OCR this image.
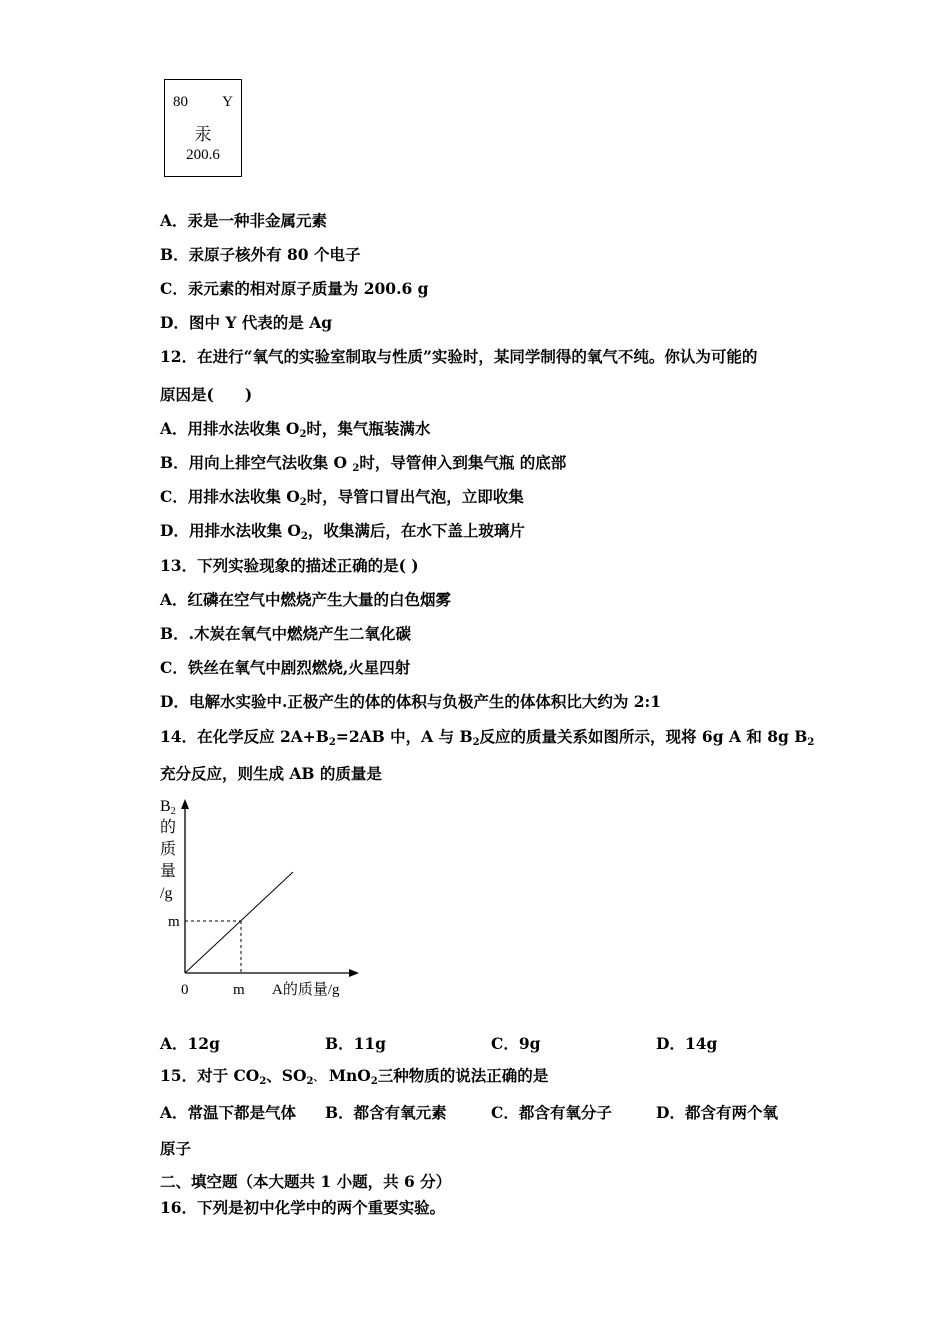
80 Y
汞
200.6
A．汞是一种非金属元素
B．汞原子核外有 80 个电子
C．汞元素的相对原子质量为 200.6 g
D．图中 Y 代表的是 Ag
12．在进行“氧气的实验室制取与性质”实验时，某同学制得的氧气不纯。你认为可能的
原因是(　　)
A．用排水法收集 $O_2$时，集气瓶装满水
B．用向上排空气法收集 O $_2$时，导管伸入到集气瓶 的底部
C．用排水法收集 $O_2$时，导管口冒出气泡，立即收集
D．用排水法收集 $O_2$，收集满后，在水下盖上玻璃片
13．下列实验现象的描述正确的是( )
A．红磷在空气中燃烧产生大量的白色烟雾
B．.木炭在氧气中燃烧产生二氧化碳
C．铁丝在氧气中剧烈燃烧,火星四射
D．电解水实验中.正极产生的体的体积与负极产生的体体积比大约为 2:1
14．在化学反应 $2A+B_2=2AB$ 中，A 与 $B_2$反应的质量关系如图所示，现将 6g A 和 8g $B_2$
充分反应，则生成 AB 的质量是
B2
的
质
量
/g
m
0	m A的质量/g
A．12g	B．11g	C．9g	D．14g
15．对于 $CO_2$、$SO_2$、 MnO$_2$三种物质的说法正确的是
A．常温下都是气体 B．都含有氧元素	C．都含有氧分子	D．都含有两个氧
原子
二、填空题（本大题共 1 小题，共 6 分）
16．下列是初中化学中的两个重要实验。
